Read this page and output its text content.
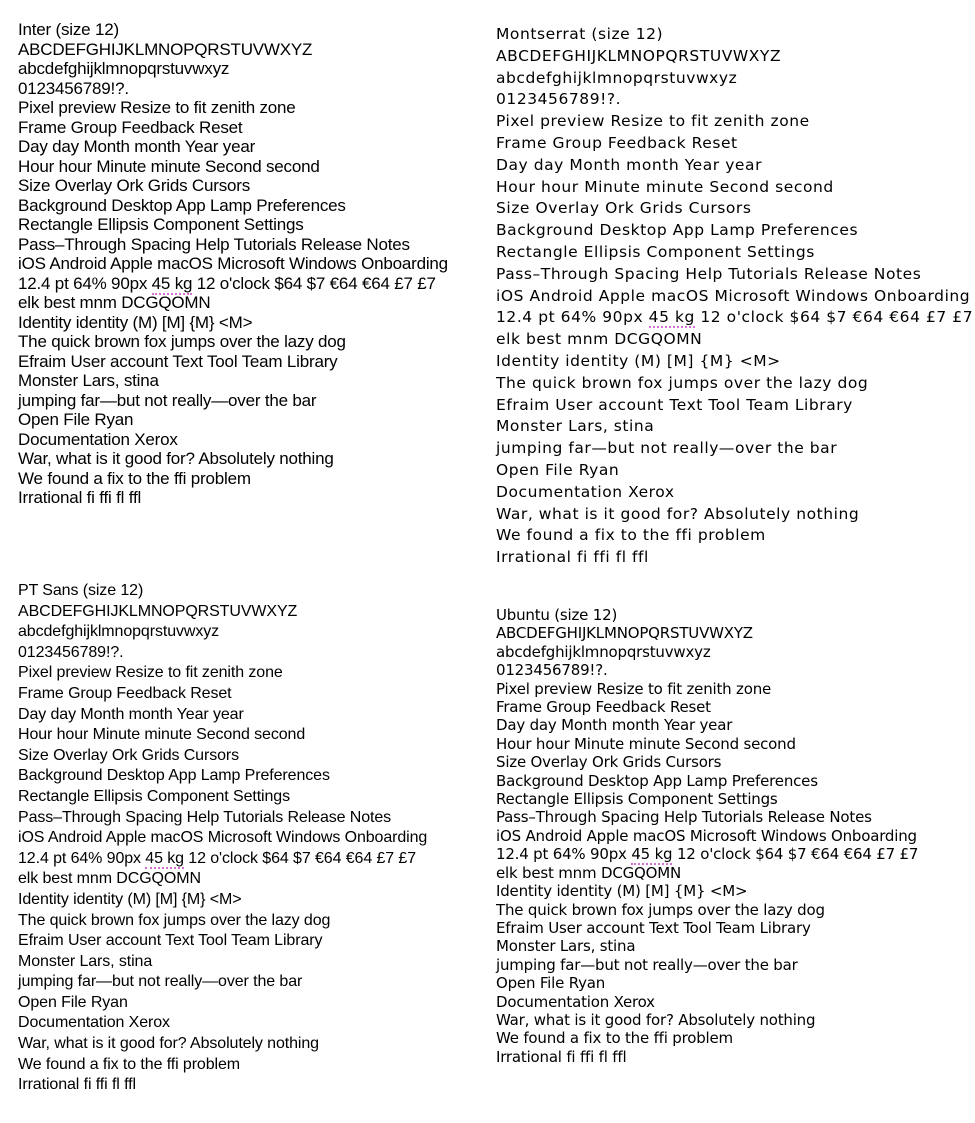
Inter (size 12)
ABCDEFGHIJKLMNOPQRSTUVWXYZ
abcdefghijklmnopqrstuvwxyz
0123456789!?.
Pixel preview Resize to fit zenith zone
Frame Group Feedback Reset
Day day Month month Year year
Hour hour Minute minute Second second
Size Overlay Ork Grids Cursors
Background Desktop App Lamp Preferences
Rectangle Ellipsis Component Settings
Pass–Through Spacing Help Tutorials Release Notes
iOS Android Apple macOS Microsoft Windows Onboarding
12.4 pt 64% 90px 45 kg 12 o'clock $64 $7 €64 €64 £7 £7
elk best mnm DCGQOMN
Identity identity (M) [M] {M} <M>
The quick brown fox jumps over the lazy dog
Efraim User account Text Tool Team Library
Monster Lars, stina
jumping far—but not really—over the bar
Open File Ryan
Documentation Xerox
War, what is it good for? Absolutely nothing
We found a fix to the ffi problem
Irrational fi ffi fl ffl
Montserrat (size 12)
ABCDEFGHIJKLMNOPQRSTUVWXYZ
abcdefghijklmnopqrstuvwxyz
0123456789!?.
Pixel preview Resize to fit zenith zone
Frame Group Feedback Reset
Day day Month month Year year
Hour hour Minute minute Second second
Size Overlay Ork Grids Cursors
Background Desktop App Lamp Preferences
Rectangle Ellipsis Component Settings
Pass–Through Spacing Help Tutorials Release Notes
iOS Android Apple macOS Microsoft Windows Onboarding
12.4 pt 64% 90px 45 kg 12 o'clock $64 $7 €64 €64 £7 £7
elk best mnm DCGQOMN
Identity identity (M) [M] {M} <M>
The quick brown fox jumps over the lazy dog
Efraim User account Text Tool Team Library
Monster Lars, stina
jumping far—but not really—over the bar
Open File Ryan
Documentation Xerox
War, what is it good for? Absolutely nothing
We found a fix to the ffi problem
Irrational fi ffi fl ffl
PT Sans (size 12)
ABCDEFGHIJKLMNOPQRSTUVWXYZ
abcdefghijklmnopqrstuvwxyz
0123456789!?.
Pixel preview Resize to fit zenith zone
Frame Group Feedback Reset
Day day Month month Year year
Hour hour Minute minute Second second
Size Overlay Ork Grids Cursors
Background Desktop App Lamp Preferences
Rectangle Ellipsis Component Settings
Pass–Through Spacing Help Tutorials Release Notes
iOS Android Apple macOS Microsoft Windows Onboarding
12.4 pt 64% 90px 45 kg 12 o'clock $64 $7 €64 €64 £7 £7
elk best mnm DCGQOMN
Identity identity (M) [M] {M} <M>
The quick brown fox jumps over the lazy dog
Efraim User account Text Tool Team Library
Monster Lars, stina
jumping far—but not really—over the bar
Open File Ryan
Documentation Xerox
War, what is it good for? Absolutely nothing
We found a fix to the ffi problem
Irrational fi ffi fl ffl
Ubuntu (size 12)
ABCDEFGHIJKLMNOPQRSTUVWXYZ
abcdefghijklmnopqrstuvwxyz
0123456789!?.
Pixel preview Resize to fit zenith zone
Frame Group Feedback Reset
Day day Month month Year year
Hour hour Minute minute Second second
Size Overlay Ork Grids Cursors
Background Desktop App Lamp Preferences
Rectangle Ellipsis Component Settings
Pass–Through Spacing Help Tutorials Release Notes
iOS Android Apple macOS Microsoft Windows Onboarding
12.4 pt 64% 90px 45 kg 12 o'clock $64 $7 €64 €64 £7 £7
elk best mnm DCGQOMN
Identity identity (M) [M] {M} <M>
The quick brown fox jumps over the lazy dog
Efraim User account Text Tool Team Library
Monster Lars, stina
jumping far—but not really—over the bar
Open File Ryan
Documentation Xerox
War, what is it good for? Absolutely nothing
We found a fix to the ffi problem
Irrational fi ffi fl ffl
